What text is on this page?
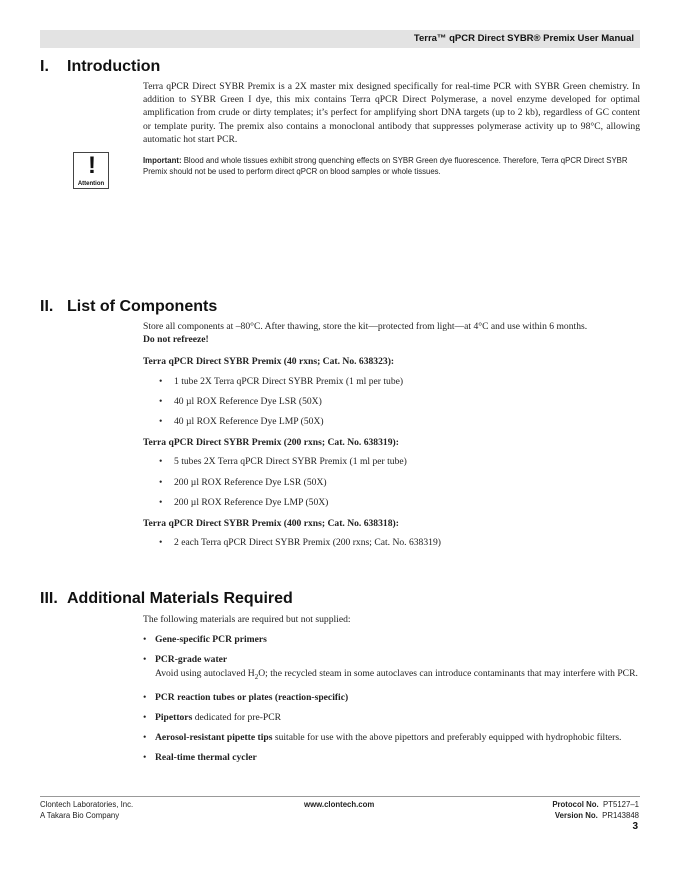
Terra™ qPCR Direct SYBR® Premix User Manual
I. Introduction

Terra qPCR Direct SYBR Premix is a 2X master mix designed specifically for real-time PCR with SYBR Green chemistry. In addition to SYBR Green I dye, this mix contains Terra qPCR Direct Polymerase, a novel enzyme developed for optimal amplification from crude or dirty templates; it’s perfect for amplifying short DNA targets (up to 2 kb), regardless of GC content or template purity. The premix also contains a monoclonal antibody that suppresses polymerase activity up to 98°C, allowing automatic hot start PCR.

!
Attention
Important: Blood and whole tissues exhibit strong quenching effects on SYBR Green dye fluorescence. Therefore, Terra qPCR Direct SYBR Premix should not be used to perform direct qPCR on blood samples or whole tissues.
II. List of Components

Store all components at –80°C. After thawing, store the kit—protected from light—at 4°C and use within 6 months.
Do not refreeze!

Terra qPCR Direct SYBR Premix (40 rxns; Cat. No. 638323):

• 1 tube 2X Terra qPCR Direct SYBR Premix (1 ml per tube)
• 40 µl ROX Reference Dye LSR (50X)
• 40 µl ROX Reference Dye LMP (50X)

Terra qPCR Direct SYBR Premix (200 rxns; Cat. No. 638319):

• 5 tubes 2X Terra qPCR Direct SYBR Premix (1 ml per tube)
• 200 µl ROX Reference Dye LSR (50X)
• 200 µl ROX Reference Dye LMP (50X)

Terra qPCR Direct SYBR Premix (400 rxns; Cat. No. 638318):

• 2 each Terra qPCR Direct SYBR Premix (200 rxns; Cat. No. 638319)
III. Additional Materials Required

The following materials are required but not supplied:

• Gene-specific PCR primers
• PCR-grade water
Avoid using autoclaved $H_2O$; the recycled steam in some autoclaves can introduce contaminants that may interfere with PCR.
• PCR reaction tubes or plates (reaction-specific)
• Pipettors dedicated for pre-PCR
• Aerosol-resistant pipette tips suitable for use with the above pipettors and preferably equipped with hydrophobic filters.
• Real-time thermal cycler
Clontech Laboratories, Inc.
A Takara Bio Company
www.clontech.com	Protocol No. PT5127–1
Version No. PR143848
3
